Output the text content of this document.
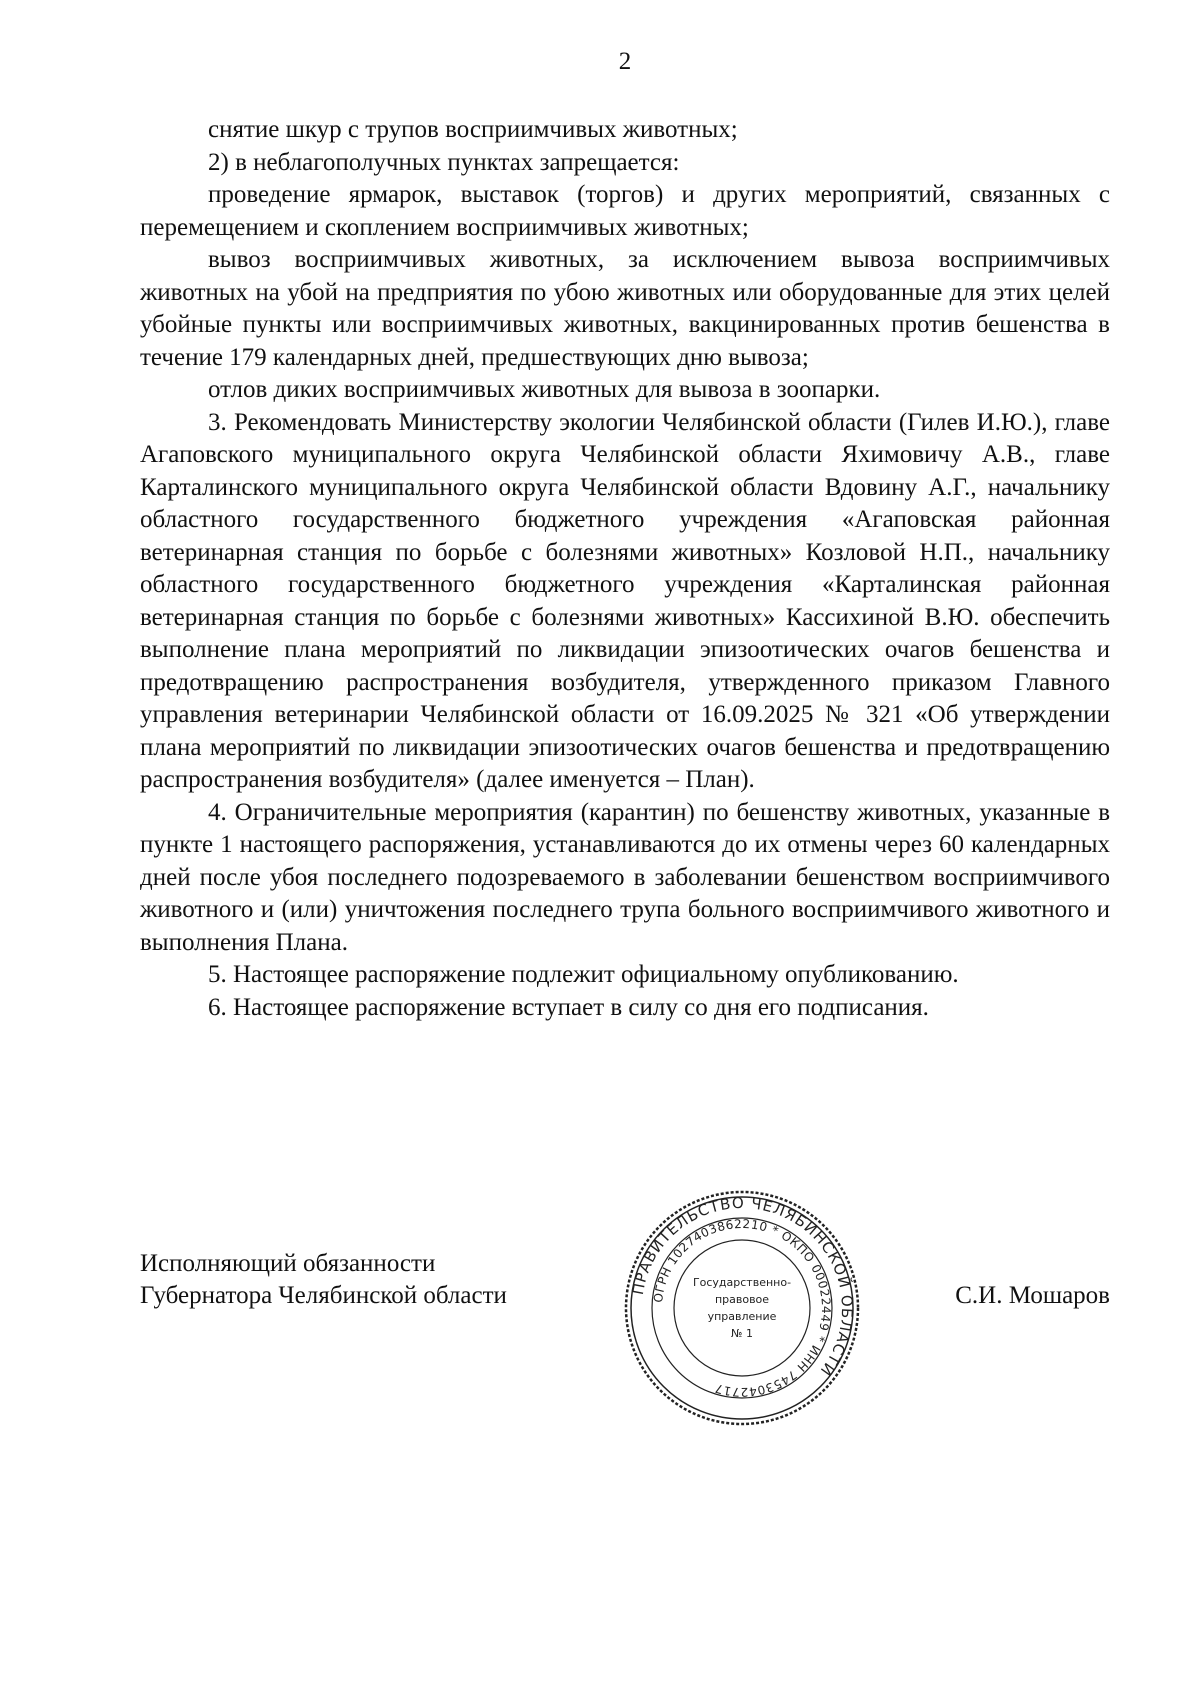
2

снятие шкур с трупов восприимчивых животных;

2) в неблагополучных пунктах запрещается:

проведение ярмарок, выставок (торгов) и других мероприятий, связанных с перемещением и скоплением восприимчивых животных;

вывоз восприимчивых животных, за исключением вывоза восприимчивых животных на убой на предприятия по убою животных или оборудованные для этих целей убойные пункты или восприимчивых животных, вакцинированных против бешенства в течение 179 календарных дней, предшествующих дню вывоза;

отлов диких восприимчивых животных для вывоза в зоопарки.

3. Рекомендовать Министерству экологии Челябинской области (Гилев И.Ю.), главе Агаповского муниципального округа Челябинской области Яхимовичу А.В., главе Карталинского муниципального округа Челябинской области Вдовину А.Г., начальнику областного государственного бюджетного учреждения «Агаповская районная ветеринарная станция по борьбе с болезнями животных» Козловой Н.П., начальнику областного государственного бюджетного учреждения «Карталинская районная ветеринарная станция по борьбе с болезнями животных» Кассихиной В.Ю. обеспечить выполнение плана мероприятий по ликвидации эпизоотических очагов бешенства и предотвращению распространения возбудителя, утвержденного приказом Главного управления ветеринарии Челябинской области от 16.09.2025 № 321 «Об утверждении плана мероприятий по ликвидации эпизоотических очагов бешенства и предотвращению распространения возбудителя» (далее именуется – План).

4. Ограничительные мероприятия (карантин) по бешенству животных, указанные в пункте 1 настоящего распоряжения, устанавливаются до их отмены через 60 календарных дней после убоя последнего подозреваемого в заболевании бешенством восприимчивого животного и (или) уничтожения последнего трупа больного восприимчивого животного и выполнения Плана.

5. Настоящее распоряжение подлежит официальному опубликованию.

6. Настоящее распоряжение вступает в силу со дня его подписания.

Исполняющий обязанности
Губернатора Челябинской области	ПРАВИТЕЛЬСТВО ЧЕЛЯБИНСКОЙ ОБЛАСТИ
ОГРН 1027403862210 * ОКПО 00022449 * ИНН 7453042717
Государственно-
правовое
управление
№ 1
С.И. Мошаров
